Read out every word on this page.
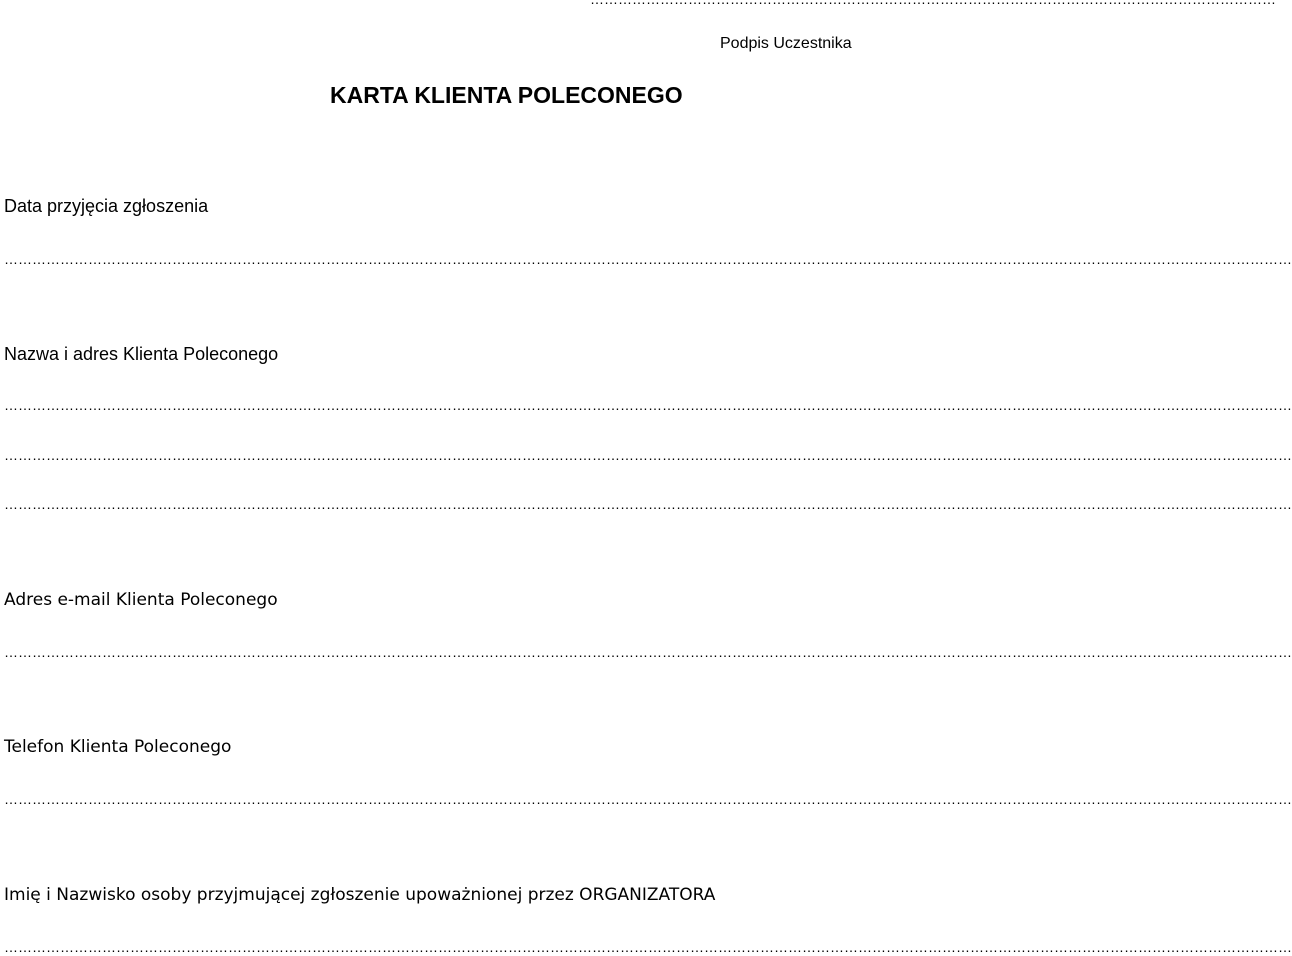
Podpis Uczestnika
KARTA KLIENTA POLECONEGO
Data przyjęcia zgłoszenia
……………………………………………………………………………………………………………………………………………………………………………………………………………………………………………………
Nazwa i adres Klienta Poleconego
……………………………………………………………………………………………………………………………………………………………………………………………………………………………………………………
……………………………………………………………………………………………………………………………………………………………………………………………………………………………………………………
……………………………………………………………………………………………………………………………………………………………………………………………………………………………………………………
Adres e-mail Klienta Poleconego
……………………………………………………………………………………………………………………………………………………………………………………………………………………………………………………
Telefon Klienta Poleconego
……………………………………………………………………………………………………………………………………………………………………………………………………………………………………………………
Imię i Nazwisko osoby przyjmującej zgłoszenie upoważnionej przez ORGANIZATORA
……………………………………………………………………………………………………………………………………………………………………………………………………………………………………………………
